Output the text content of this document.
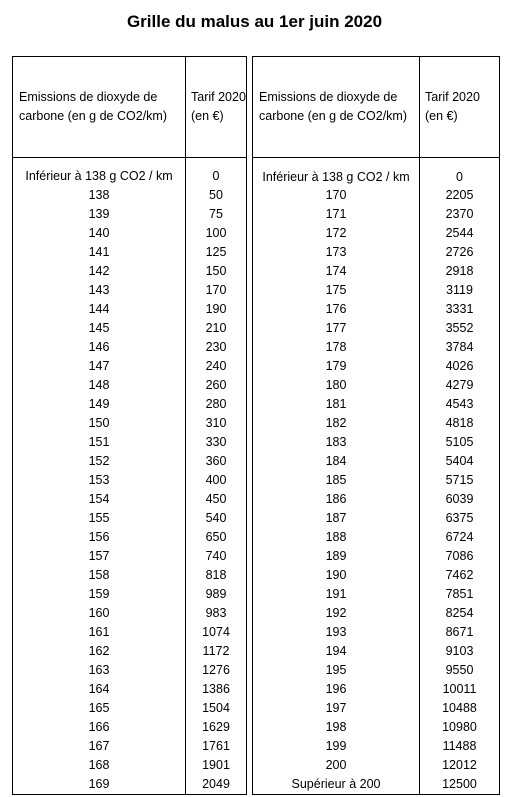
Grille du malus au 1er juin 2020
Emissions de dioxyde de carbone (en g de CO2/km)	Tarif 2020 (en €)
Inférieur à 138 g CO2 / km	0
138	50
139	75
140	100
141	125
142	150
143	170
144	190
145	210
146	230
147	240
148	260
149	280
150	310
151	330
152	360
153	400
154	450
155	540
156	650
157	740
158	818
159	989
160	983
161	1074
162	1172
163	1276
164	1386
165	1504
166	1629
167	1761
168	1901
169	2049
Emissions de dioxyde de carbone (en g de CO2/km)	Tarif 2020 (en €)
Inférieur à 138 g CO2 / km	0
170	2205
171	2370
172	2544
173	2726
174	2918
175	3119
176	3331
177	3552
178	3784
179	4026
180	4279
181	4543
182	4818
183	5105
184	5404
185	5715
186	6039
187	6375
188	6724
189	7086
190	7462
191	7851
192	8254
193	8671
194	9103
195	9550
196	10011
197	10488
198	10980
199	11488
200	12012
Supérieur à 200	12500
